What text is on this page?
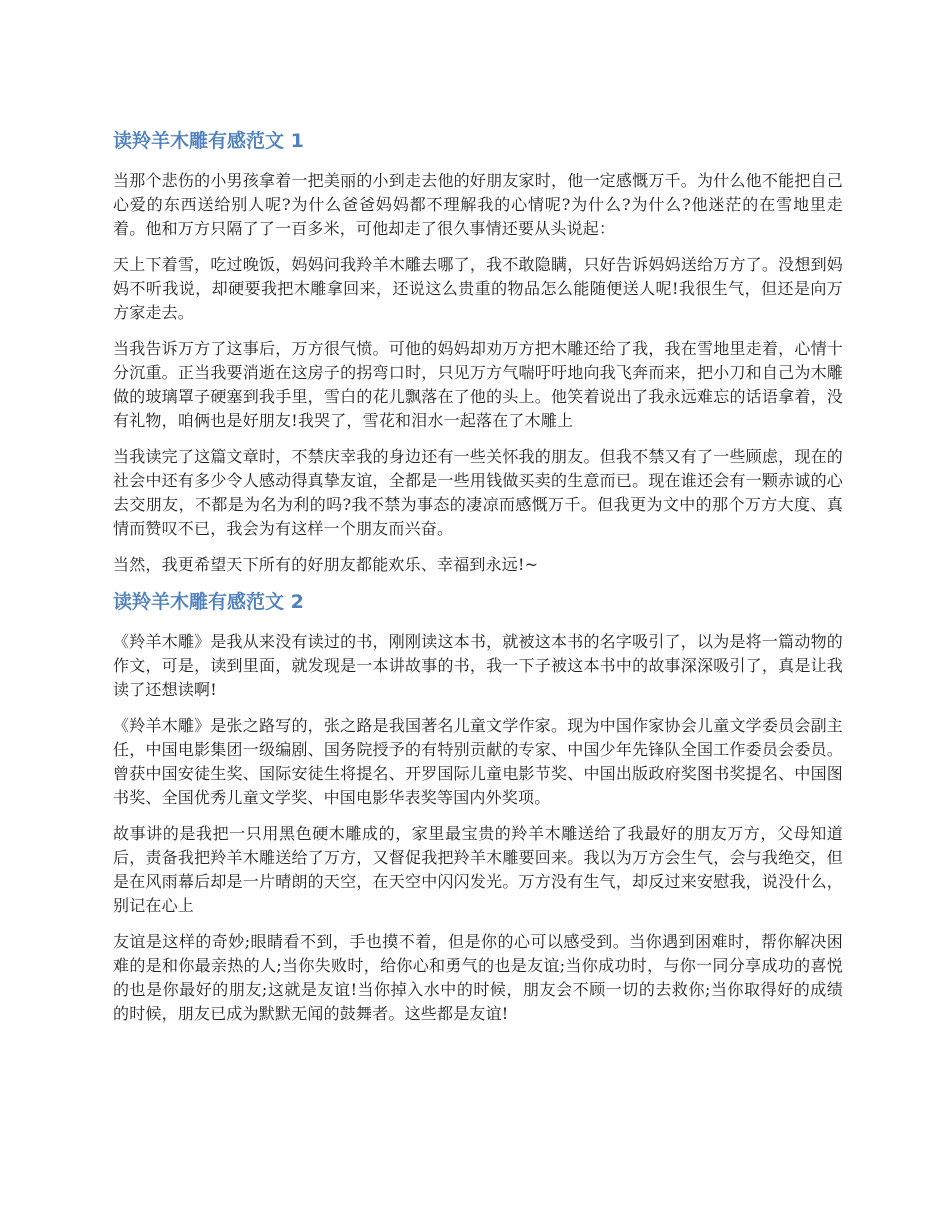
读羚羊木雕有感范文 1

当那个悲伤的小男孩拿着一把美丽的小到走去他的好朋友家时，他一定感慨万千。为什么他不能把自己心爱的东西送给别人呢?为什么爸爸妈妈都不理解我的心情呢?为什么?为什么?他迷茫的在雪地里走着。他和万方只隔了了一百多米，可他却走了很久事情还要从头说起：

天上下着雪，吃过晚饭，妈妈问我羚羊木雕去哪了，我不敢隐瞒，只好告诉妈妈送给万方了。没想到妈妈不听我说，却硬要我把木雕拿回来，还说这么贵重的物品怎么能随便送人呢!我很生气，但还是向万方家走去。

当我告诉万方了这事后，万方很气愤。可他的妈妈却劝万方把木雕还给了我，我在雪地里走着，心情十分沉重。正当我要消逝在这房子的拐弯口时，只见万方气喘吁吁地向我飞奔而来，把小刀和自己为木雕做的玻璃罩子硬塞到我手里，雪白的花儿飘落在了他的头上。他笑着说出了我永远难忘的话语拿着，没有礼物，咱俩也是好朋友!我哭了，雪花和泪水一起落在了木雕上

当我读完了这篇文章时，不禁庆幸我的身边还有一些关怀我的朋友。但我不禁又有了一些顾虑，现在的社会中还有多少令人感动得真挚友谊，全都是一些用钱做买卖的生意而已。现在谁还会有一颗赤诚的心去交朋友，不都是为名为利的吗?我不禁为事态的凄凉而感慨万千。但我更为文中的那个万方大度、真情而赞叹不已，我会为有这样一个朋友而兴奋。

当然，我更希望天下所有的好朋友都能欢乐、幸福到永远!~

读羚羊木雕有感范文 2

《羚羊木雕》是我从来没有读过的书，刚刚读这本书，就被这本书的名字吸引了，以为是将一篇动物的作文，可是，读到里面，就发现是一本讲故事的书，我一下子被这本书中的故事深深吸引了，真是让我读了还想读啊!

《羚羊木雕》是张之路写的，张之路是我国著名儿童文学作家。现为中国作家协会儿童文学委员会副主任，中国电影集团一级编剧、国务院授予的有特别贡献的专家、中国少年先锋队全国工作委员会委员。曾获中国安徒生奖、国际安徒生将提名、开罗国际儿童电影节奖、中国出版政府奖图书奖提名、中国图书奖、全国优秀儿童文学奖、中国电影华表奖等国内外奖项。

故事讲的是我把一只用黑色硬木雕成的，家里最宝贵的羚羊木雕送给了我最好的朋友万方，父母知道后，责备我把羚羊木雕送给了万方，又督促我把羚羊木雕要回来。我以为万方会生气，会与我绝交，但是在风雨幕后却是一片晴朗的天空，在天空中闪闪发光。万方没有生气，却反过来安慰我，说没什么，别记在心上

友谊是这样的奇妙;眼睛看不到，手也摸不着，但是你的心可以感受到。当你遇到困难时，帮你解决困难的是和你最亲热的人;当你失败时，给你心和勇气的也是友谊;当你成功时，与你一同分享成功的喜悦的也是你最好的朋友;这就是友谊!当你掉入水中的时候，朋友会不顾一切的去救你;当你取得好的成绩的时候，朋友已成为默默无闻的鼓舞者。这些都是友谊!
